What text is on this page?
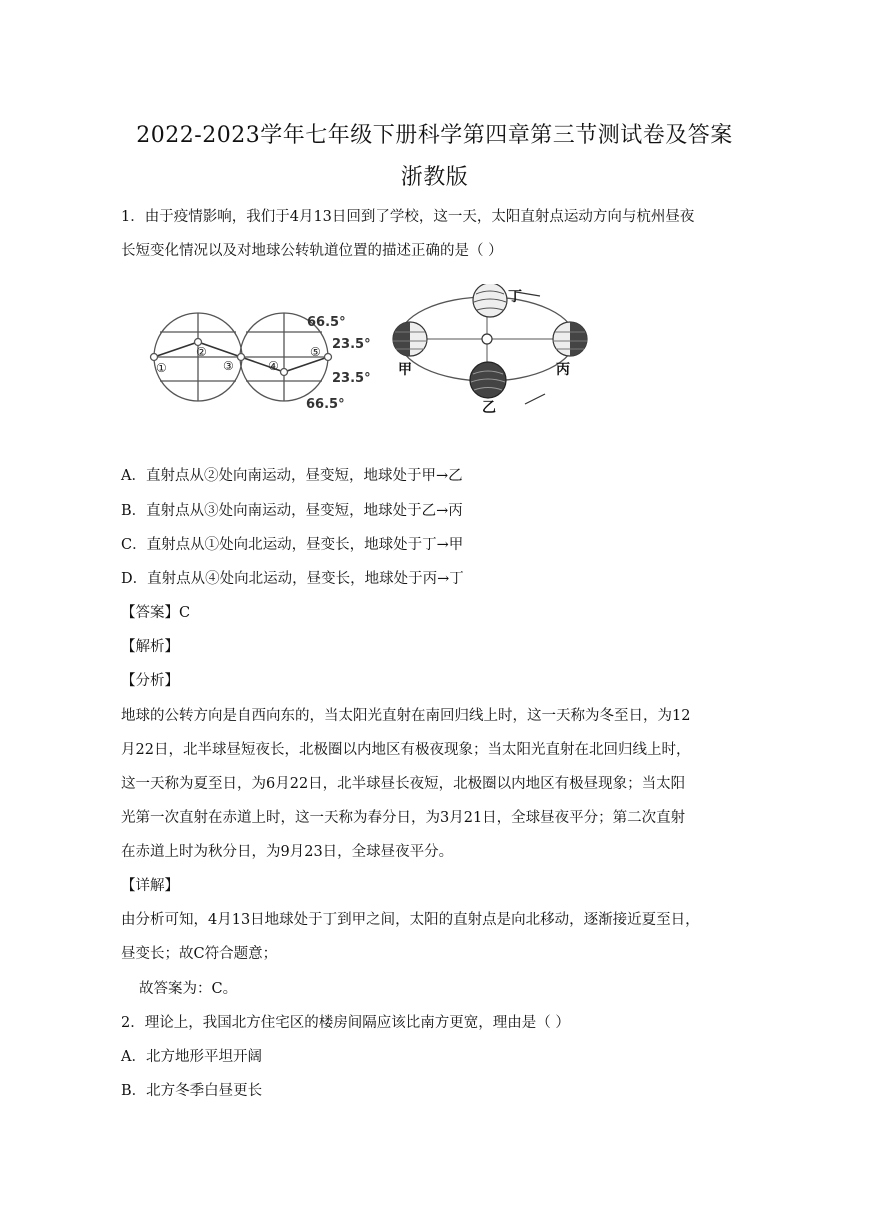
2022-2023学年七年级下册科学第四章第三节测试卷及答案
浙教版
1．由于疫情影响，我们于4月13日回到了学校，这一天，太阳直射点运动方向与杭州昼夜
长短变化情况以及对地球公转轨道位置的描述正确的是（ ）
①
②
③	④
⑤
66.5°
23.5°
23.5°
66.5°
丁
甲
乙
丙
A．直射点从②处向南运动，昼变短，地球处于甲→乙
B．直射点从③处向南运动，昼变短，地球处于乙→丙
C．直射点从①处向北运动，昼变长，地球处于丁→甲
D．直射点从④处向北运动，昼变长，地球处于丙→丁
【答案】C
【解析】
【分析】
地球的公转方向是自西向东的，当太阳光直射在南回归线上时，这一天称为冬至日，为12
月22日，北半球昼短夜长，北极圈以内地区有极夜现象；当太阳光直射在北回归线上时，
这一天称为夏至日，为6月22日，北半球昼长夜短，北极圈以内地区有极昼现象；当太阳
光第一次直射在赤道上时，这一天称为春分日，为3月21日，全球昼夜平分；第二次直射
在赤道上时为秋分日，为9月23日，全球昼夜平分。
【详解】
由分析可知，4月13日地球处于丁到甲之间，太阳的直射点是向北移动，逐渐接近夏至日，
昼变长；故C符合题意；
故答案为：C。
2．理论上，我国北方住宅区的楼房间隔应该比南方更宽，理由是（ ）
A．北方地形平坦开阔
B．北方冬季白昼更长
